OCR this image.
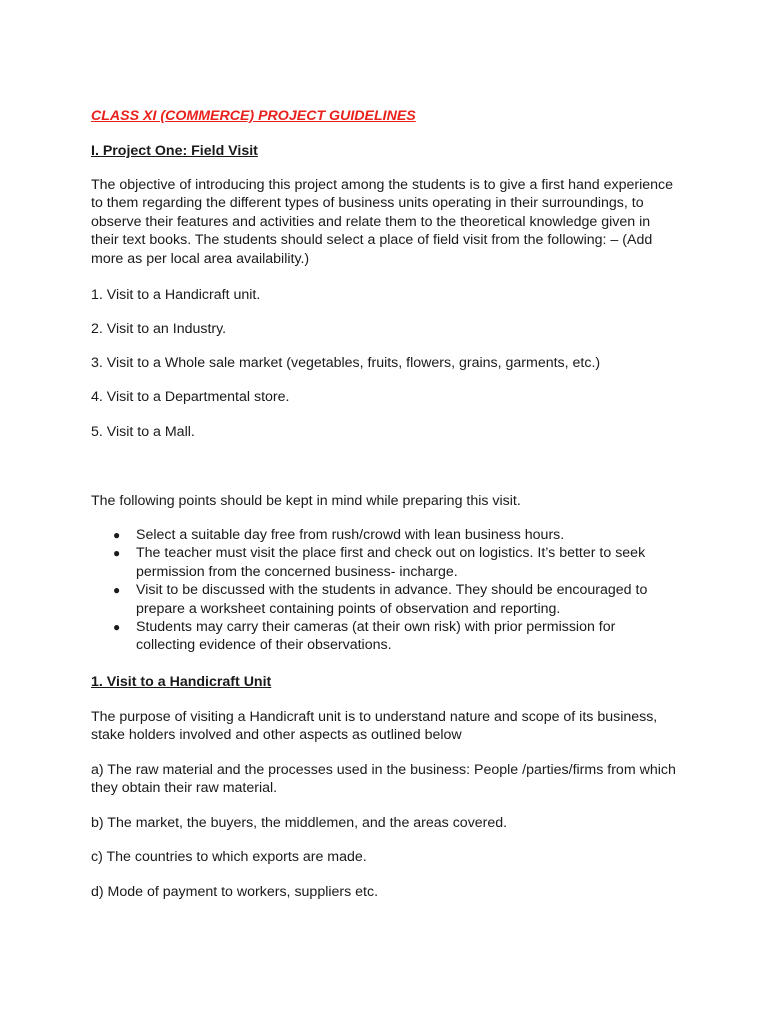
CLASS XI (COMMERCE) PROJECT GUIDELINES
I. Project One: Field Visit

The objective of introducing this project among the students is to give a first hand experience to them regarding the different types of business units operating in their surroundings, to observe their features and activities and relate them to the theoretical knowledge given in their text books. The students should select a place of field visit from the following: – (Add more as per local area availability.)

1. Visit to a Handicraft unit.
2. Visit to an Industry.
3. Visit to a Whole sale market (vegetables, fruits, flowers, grains, garments, etc.)
4. Visit to a Departmental store.
5. Visit to a Mall.
The following points should be kept in mind while preparing this visit.
● Select a suitable day free from rush/crowd with lean business hours.
● The teacher must visit the place first and check out on logistics. It’s better to seek permission from the concerned business- incharge.
● Visit to be discussed with the students in advance. They should be encouraged to prepare a worksheet containing points of observation and reporting.
● Students may carry their cameras (at their own risk) with prior permission for collecting evidence of their observations.
1. Visit to a Handicraft Unit

The purpose of visiting a Handicraft unit is to understand nature and scope of its business, stake holders involved and other aspects as outlined below

a) The raw material and the processes used in the business: People /parties/firms from which they obtain their raw material.

b) The market, the buyers, the middlemen, and the areas covered.
c) The countries to which exports are made.
d) Mode of payment to workers, suppliers etc.
